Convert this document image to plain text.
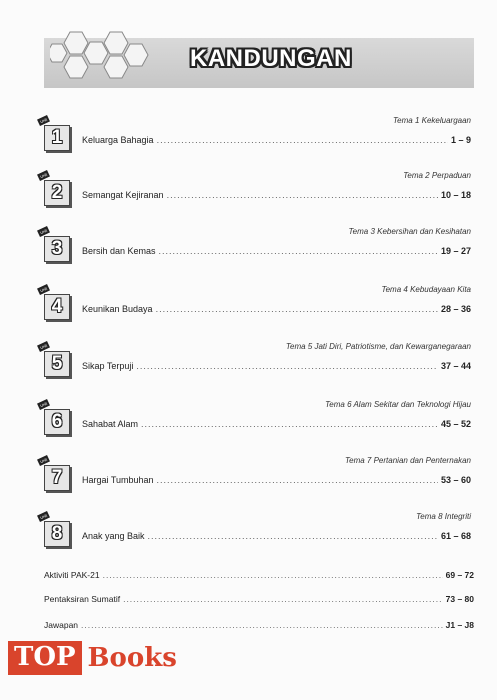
KANDUNGAN
Unit
1
Tema 1 Kekeluargaan
Keluarga Bahagia .....	1 – 9
Unit
2
Tema 2 Perpaduan
Semangat Kejiranan .....	10 – 18
Unit
3
Tema 3 Kebersihan dan Kesihatan
Bersih dan Kemas .....	19 – 27
Unit
4
Tema 4 Kebudayaan Kita
Keunikan Budaya .....	28 – 36
Unit
5
Tema 5 Jati Diri, Patriotisme, dan Kewarganegaraan
Sikap Terpuji .....	37 – 44
Unit
6
Tema 6 Alam Sekitar dan Teknologi Hijau
Sahabat Alam .....	45 – 52
Unit
7
Tema 7 Pertanian dan Penternakan
Hargai Tumbuhan .....	53 – 60
Unit
8
Tema 8 Integriti
Anak yang Baik .....	61 – 68
Aktiviti PAK-21 .....	69 – 72
Pentaksiran Sumatif .....	73 – 80
Jawapan .....	J1 – J8
TOP Books
